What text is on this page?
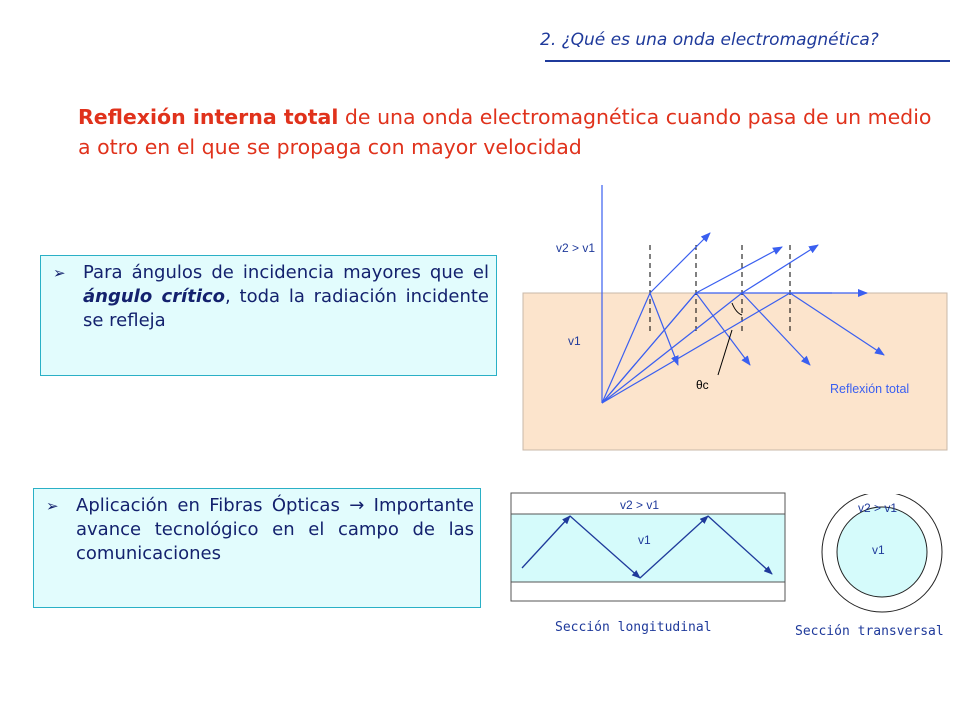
2. ¿Qué es una onda electromagnética?
Reflexión interna total de una onda electromagnética cuando pasa de un medio a otro en el que se propaga con mayor velocidad
➢ Para ángulos de incidencia mayores que el ángulo crítico, toda la radiación incidente se refleja
➢ Aplicación en Fibras Ópticas → Importante avance tecnológico en el campo de las comunicaciones
v2 > v1
v1
θc	Reflexión total
v2 > v1
v1
v2 > v1
v1
Sección longitudinal	Sección transversal
